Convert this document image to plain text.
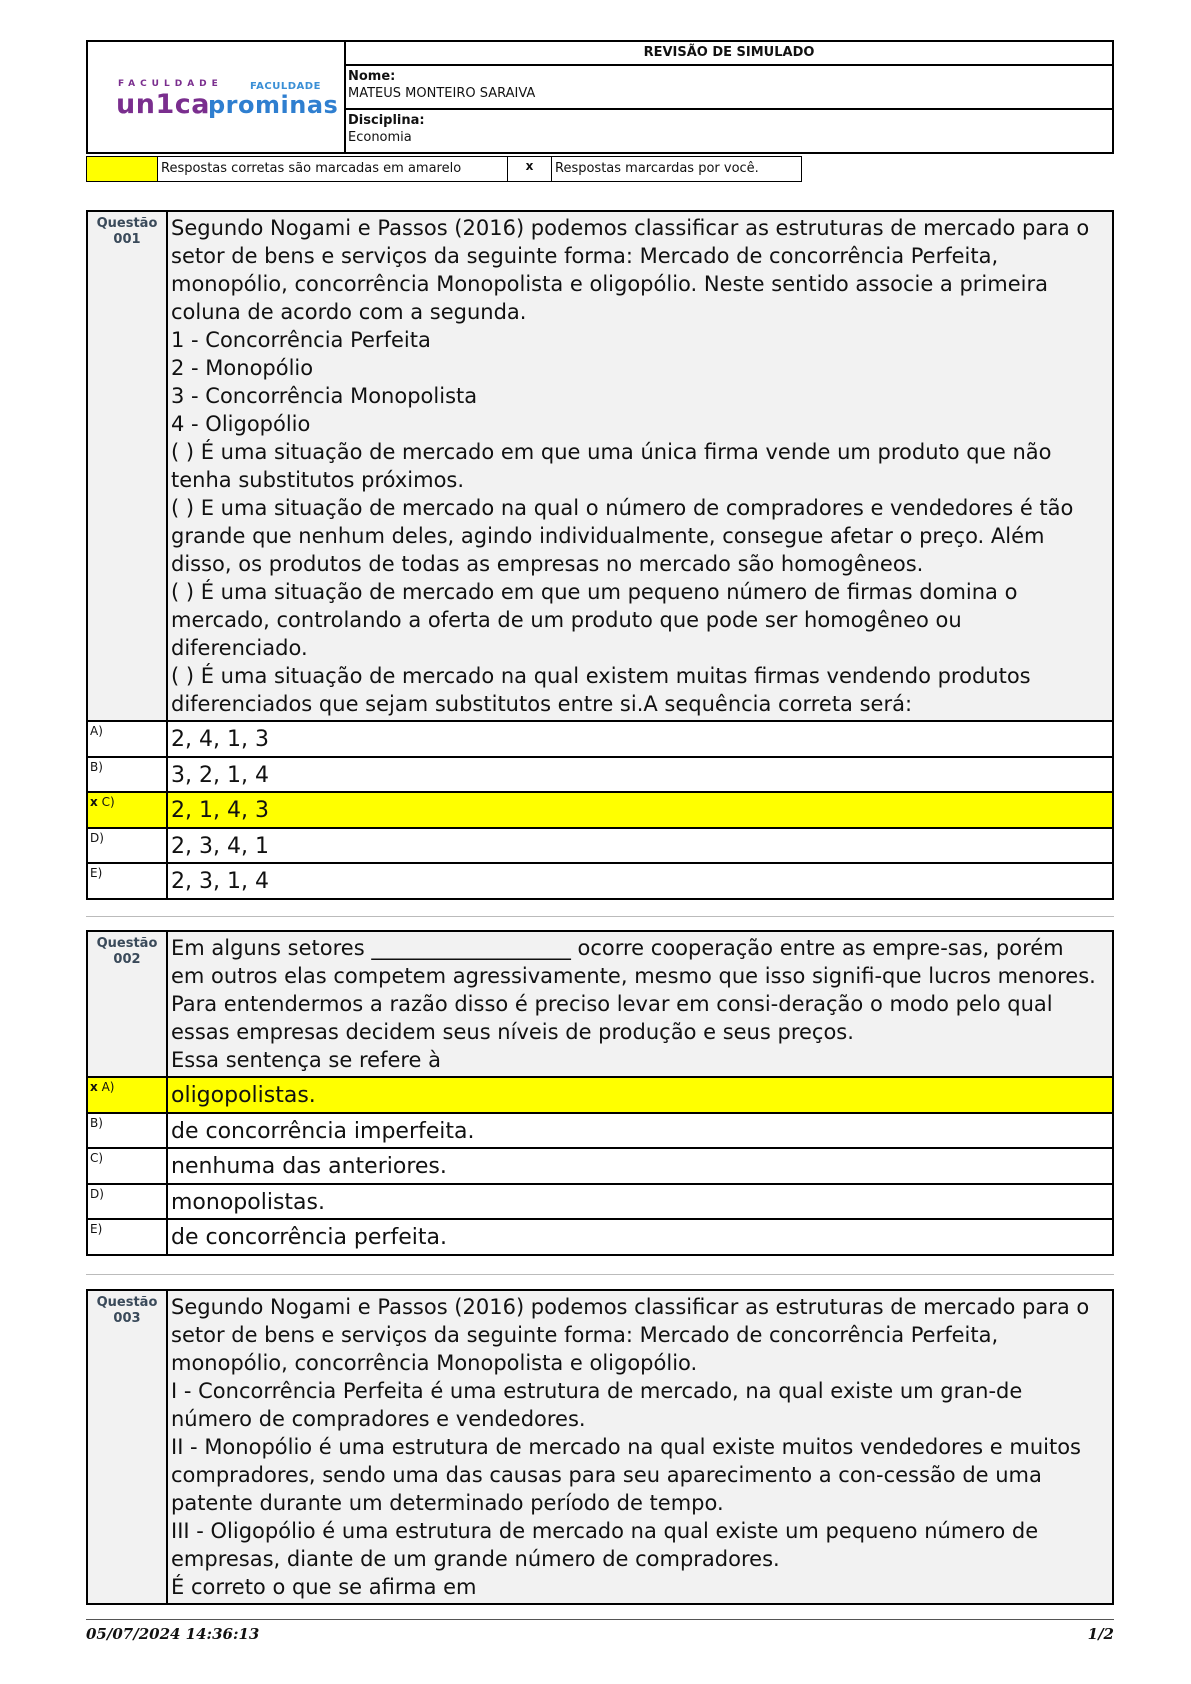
FACULDADE	FACULDADE
un1ca
prominas
REVISÃO DE SIMULADO
Nome:
MATEUS MONTEIRO SARAIVA
Disciplina:
Economia
Respostas corretas são marcadas em amarelo	x	Respostas marcardas por você.
Questão
001	Segundo Nogami e Passos (2016) podemos classificar as estruturas de mercado para o
setor de bens e serviços da seguinte forma: Mercado de concorrência Perfeita,
monopólio, concorrência Monopolista e oligopólio. Neste sentido associe a primeira
coluna de acordo com a segunda.
1 - Concorrência Perfeita
2 - Monopólio
3 - Concorrência Monopolista
4 - Oligopólio
( ) É uma situação de mercado em que uma única firma vende um produto que não
tenha substitutos próximos.
( ) E uma situação de mercado na qual o número de compradores e vendedores é tão
grande que nenhum deles, agindo individualmente, consegue afetar o preço. Além
disso, os produtos de todas as empresas no mercado são homogêneos.
( ) É uma situação de mercado em que um pequeno número de firmas domina o
mercado, controlando a oferta de um produto que pode ser homogêneo ou
diferenciado.
( ) É uma situação de mercado na qual existem muitas firmas vendendo produtos
diferenciados que sejam substitutos entre si.A sequência correta será:
A)	2, 4, 1, 3
B)	3, 2, 1, 4
x C)	2, 1, 4, 3
D)	2, 3, 4, 1
E)	2, 3, 1, 4
Questão
002	Em alguns setores ___________________ ocorre cooperação entre as empre-sas, porém
em outros elas competem agressivamente, mesmo que isso signifi-que lucros menores.
Para entendermos a razão disso é preciso levar em consi-deração o modo pelo qual
essas empresas decidem seus níveis de produção e seus preços.
Essa sentença se refere à
x A)	oligopolistas.
B)	de concorrência imperfeita.
C)	nenhuma das anteriores.
D)	monopolistas.
E)	de concorrência perfeita.
Questão
003	Segundo Nogami e Passos (2016) podemos classificar as estruturas de mercado para o
setor de bens e serviços da seguinte forma: Mercado de concorrência Perfeita,
monopólio, concorrência Monopolista e oligopólio.
I - Concorrência Perfeita é uma estrutura de mercado, na qual existe um gran-de
número de compradores e vendedores.
II - Monopólio é uma estrutura de mercado na qual existe muitos vendedores e muitos
compradores, sendo uma das causas para seu aparecimento a con-cessão de uma
patente durante um determinado período de tempo.
III - Oligopólio é uma estrutura de mercado na qual existe um pequeno número de
empresas, diante de um grande número de compradores.
É correto o que se afirma em
05/07/2024 14:36:13	1/2
